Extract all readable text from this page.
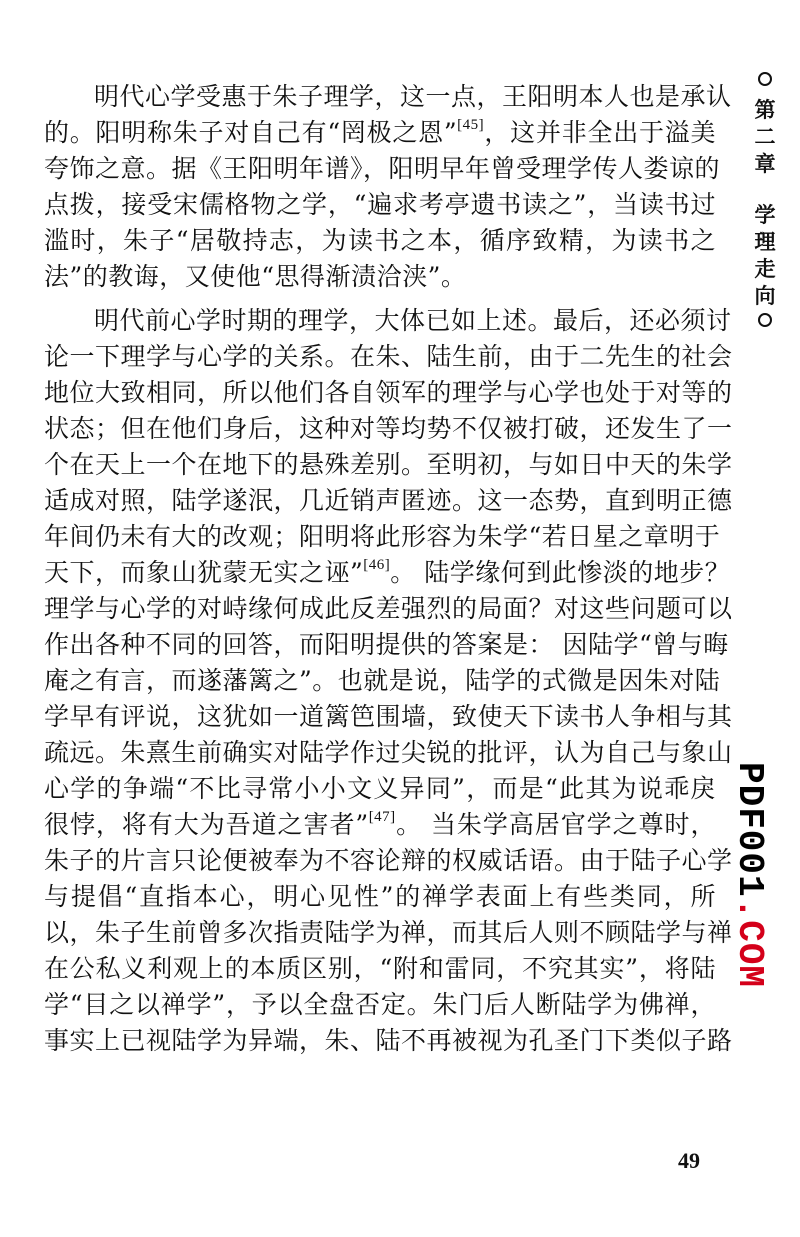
明代心学受惠于朱子理学，这一点，王阳明本人也是承认
的。阳明称朱子对自己有“罔极之恩”[45]，这并非全出于溢美
夸饰之意。据《王阳明年谱》，阳明早年曾受理学传人娄谅的
点拨，接受宋儒格物之学，“遍求考亭遗书读之”，当读书过
滥时，朱子“居敬持志，为读书之本，循序致精，为读书之
法”的教诲，又使他“思得渐渍洽浃”。
明代前心学时期的理学，大体已如上述。最后，还必须讨
论一下理学与心学的关系。在朱、陆生前，由于二先生的社会
地位大致相同，所以他们各自领军的理学与心学也处于对等的
状态；但在他们身后，这种对等均势不仅被打破，还发生了一
个在天上一个在地下的悬殊差别。至明初，与如日中天的朱学
适成对照，陆学遂泯，几近销声匿迹。这一态势，直到明正德
年间仍未有大的改观；阳明将此形容为朱学“若日星之章明于
天下，而象山犹蒙无实之诬”[46]。 陆学缘何到此惨淡的地步？
理学与心学的对峙缘何成此反差强烈的局面？对这些问题可以
作出各种不同的回答，而阳明提供的答案是： 因陆学“曾与晦
庵之有言，而遂藩篱之”。也就是说，陆学的式微是因朱对陆
学早有评说，这犹如一道篱笆围墙，致使天下读书人争相与其
疏远。朱熹生前确实对陆学作过尖锐的批评，认为自己与象山
心学的争端“不比寻常小小文义异同”，而是“此其为说乖戾
很悖，将有大为吾道之害者”[47]。 当朱学高居官学之尊时，
朱子的片言只论便被奉为不容论辩的权威话语。由于陆子心学
与提倡“直指本心，明心见性”的禅学表面上有些类同，所
以，朱子生前曾多次指责陆学为禅，而其后人则不顾陆学与禅
在公私义利观上的本质区别，“附和雷同，不究其实”，将陆
学“目之以禅学”，予以全盘否定。朱门后人断陆学为佛禅，
事实上已视陆学为异端，朱、陆不再被视为孔圣门下类似子路
第
二
章
学
理
走
向
PDF001.COM
49
